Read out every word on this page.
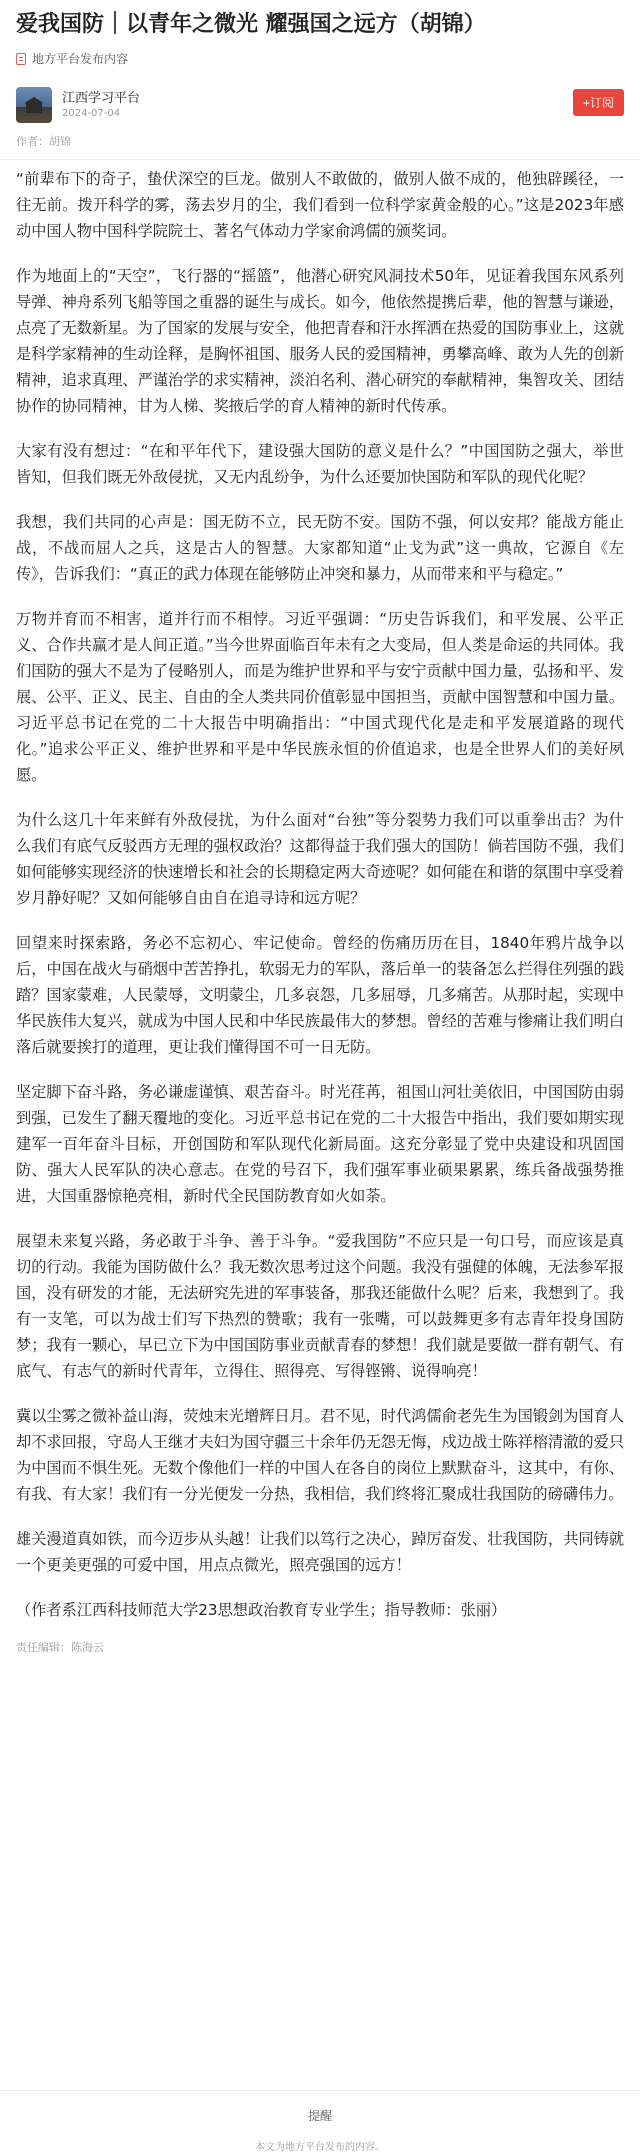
爱我国防｜以青年之微光 耀强国之远方（胡锦）
地方平台发布内容
江西学习平台
2024-07-04
+订阅
作者：胡锦

“前辈布下的奇子，蛰伏深空的巨龙。做别人不敢做的，做别人做不成的，他独辟蹊径，一往无前。拨开科学的雾，荡去岁月的尘，我们看到一位科学家黄金般的心。”这是2023年感动中国人物中国科学院院士、著名气体动力学家俞鸿儒的颁奖词。

作为地面上的“天空”，飞行器的“摇篮”，他潜心研究风洞技术50年，见证着我国东风系列导弹、神舟系列飞船等国之重器的诞生与成长。如今，他依然提携后辈，他的智慧与谦逊，点亮了无数新星。为了国家的发展与安全，他把青春和汗水挥洒在热爱的国防事业上，这就是科学家精神的生动诠释，是胸怀祖国、服务人民的爱国精神，勇攀高峰、敢为人先的创新精神，追求真理、严谨治学的求实精神，淡泊名利、潜心研究的奉献精神，集智攻关、团结协作的协同精神，甘为人梯、奖掖后学的育人精神的新时代传承。

大家有没有想过：“在和平年代下，建设强大国防的意义是什么？”中国国防之强大，举世皆知，但我们既无外敌侵扰，又无内乱纷争，为什么还要加快国防和军队的现代化呢？

我想，我们共同的心声是：国无防不立，民无防不安。国防不强，何以安邦？能战方能止战，不战而屈人之兵，这是古人的智慧。大家都知道“止戈为武”这一典故，它源自《左传》，告诉我们：“真正的武力体现在能够防止冲突和暴力，从而带来和平与稳定。”

万物并育而不相害，道并行而不相悖。习近平强调：“历史告诉我们，和平发展、公平正义、合作共赢才是人间正道。”当今世界面临百年未有之大变局，但人类是命运的共同体。我们国防的强大不是为了侵略别人，而是为维护世界和平与安宁贡献中国力量，弘扬和平、发展、公平、正义、民主、自由的全人类共同价值彰显中国担当，贡献中国智慧和中国力量。习近平总书记在党的二十大报告中明确指出：“中国式现代化是走和平发展道路的现代化。”追求公平正义、维护世界和平是中华民族永恒的价值追求，也是全世界人们的美好夙愿。

为什么这几十年来鲜有外敌侵扰，为什么面对“台独”等分裂势力我们可以重拳出击？为什么我们有底气反驳西方无理的强权政治？这都得益于我们强大的国防！倘若国防不强，我们如何能够实现经济的快速增长和社会的长期稳定两大奇迹呢？如何能在和谐的氛围中享受着岁月静好呢？又如何能够自由自在追寻诗和远方呢？

回望来时探索路，务必不忘初心、牢记使命。曾经的伤痛历历在目，1840年鸦片战争以后，中国在战火与硝烟中苦苦挣扎，软弱无力的军队，落后单一的装备怎么拦得住列强的践踏？国家蒙难，人民蒙辱，文明蒙尘，几多哀怨，几多屈辱，几多痛苦。从那时起，实现中华民族伟大复兴，就成为中国人民和中华民族最伟大的梦想。曾经的苦难与惨痛让我们明白落后就要挨打的道理，更让我们懂得国不可一日无防。

坚定脚下奋斗路，务必谦虚谨慎、艰苦奋斗。时光荏苒，祖国山河壮美依旧，中国国防由弱到强，已发生了翻天覆地的变化。习近平总书记在党的二十大报告中指出，我们要如期实现建军一百年奋斗目标，开创国防和军队现代化新局面。这充分彰显了党中央建设和巩固国防、强大人民军队的决心意志。在党的号召下，我们强军事业硕果累累，练兵备战强势推进，大国重器惊艳亮相，新时代全民国防教育如火如荼。

展望未来复兴路，务必敢于斗争、善于斗争。“爱我国防”不应只是一句口号，而应该是真切的行动。我能为国防做什么？我无数次思考过这个问题。我没有强健的体魄，无法参军报国，没有研发的才能，无法研究先进的军事装备，那我还能做什么呢？后来，我想到了。我有一支笔，可以为战士们写下热烈的赞歌；我有一张嘴，可以鼓舞更多有志青年投身国防梦；我有一颗心，早已立下为中国国防事业贡献青春的梦想！我们就是要做一群有朝气、有底气、有志气的新时代青年，立得住、照得亮、写得铿锵、说得响亮！

冀以尘雾之微补益山海，荧烛末光增辉日月。君不见，时代鸿儒俞老先生为国锻剑为国育人却不求回报，守岛人王继才夫妇为国守疆三十余年仍无怨无悔，戍边战士陈祥榕清澈的爱只为中国而不惧生死。无数个像他们一样的中国人在各自的岗位上默默奋斗，这其中，有你、有我、有大家！我们有一分光便发一分热，我相信，我们终将汇聚成壮我国防的磅礴伟力。

雄关漫道真如铁，而今迈步从头越！让我们以笃行之决心，踔厉奋发、壮我国防，共同铸就一个更美更强的可爱中国，用点点微光，照亮强国的远方！

（作者系江西科技师范大学23思想政治教育专业学生；指导教师：张丽）

责任编辑：陈海云
提醒
本文为地方平台发布的内容。
